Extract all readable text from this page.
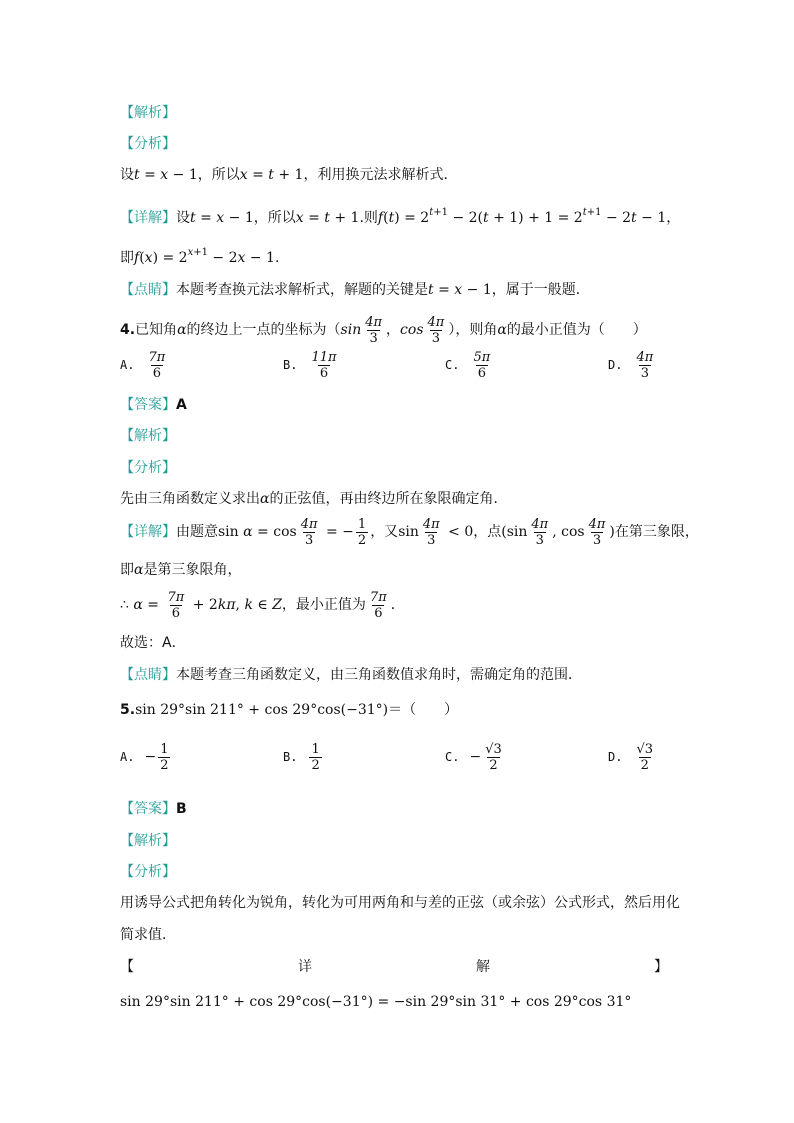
【解析】
【分析】
设t = x − 1，所以x = t + 1，利用换元法求解析式．
【详解】设t = x − 1，所以x = t + 1.则$f(t) = 2^{t+1} - 2(t + 1) + 1 = 2^{t+1} - 2t - 1$，
即$f(x) = 2^{x+1} - 2x - 1$.
【点睛】本题考查换元法求解析式，解题的关键是t = x − 1，属于一般题．
4.已知角α的终边上一点的坐标为（$\sin \frac{4\pi}{3}$ ，$\cos \frac{4\pi}{3}$ ），则角α的最小正值为（　　）
A. $\frac{7\pi}{6}$	B. $\frac{11\pi}{6}$	C. $\frac{5\pi}{6}$	D. $\frac{4\pi}{3}$
【答案】A
【解析】
【分析】
先由三角函数定义求出α的正弦值，再由终边所在象限确定角．
【详解】由题意$\sin \alpha = \cos \frac{4\pi}{3}$ = − $\frac{1}{2}$ ，又$\sin \frac{4\pi}{3} < 0$，点($\sin \frac{4\pi}{3}$ , $\cos \frac{4\pi}{3}$ )在第三象限，
即α是第三象限角，
∴ $\alpha = \frac{7\pi}{6} + 2k\pi$, k ∈ Z，最小正值为 $\frac{7\pi}{6}$ ．
故选：A．
【点睛】本题考查三角函数定义，由三角函数值求角时，需确定角的范围．
5.sin 29°sin 211° + cos 29°cos(−31°)＝（　　）
A. − $\frac{1}{2}$	B. $\frac{1}{2}$	C. − $\frac{√3}{2}$	D. $\frac{√3}{2}$
【答案】B
【解析】
【分析】
用诱导公式把角转化为锐角，转化为可用两角和与差的正弦（或余弦）公式形式，然后用化
简求值．
【	详	解	】
sin 29°sin 211° + cos 29°cos(−31°) = −sin 29°sin 31° + cos 29°cos 31°
